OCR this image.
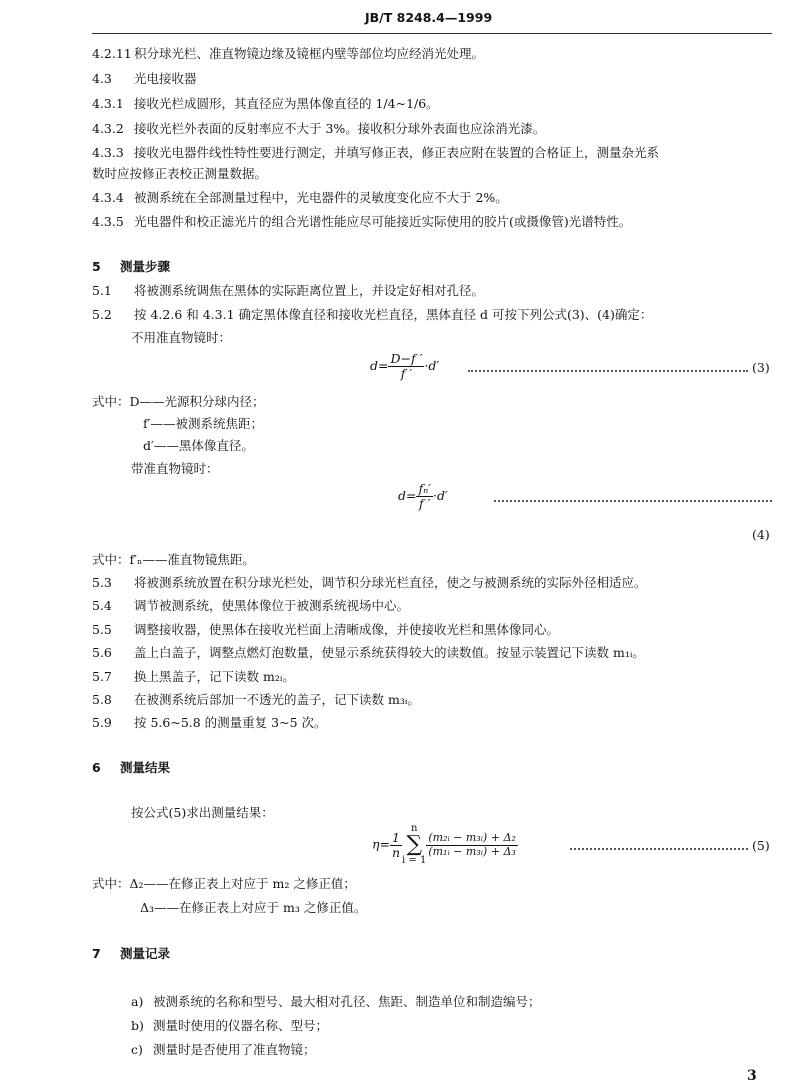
JB/T 8248.4—1999
4.2.11 积分球光栏、准直物镜边缘及镜框内壁等部位均应经消光处理。
4.3 光电接收器
4.3.1 接收光栏成圆形，其直径应为黑体像直径的 1/4~1/6。
4.3.2 接收光栏外表面的反射率应不大于 3%。接收积分球外表面也应涂消光漆。
4.3.3 接收光电器件线性特性要进行测定，并填写修正表，修正表应附在装置的合格证上，测量杂光系
数时应按修正表校正测量数据。
4.3.4 被测系统在全部测量过程中，光电器件的灵敏度变化应不大于 2%。
4.3.5 光电器件和校正滤光片的组合光谱性能应尽可能接近实际使用的胶片(或摄像管)光谱特性。
5 测量步骤
5.1 将被测系统调焦在黑体的实际距离位置上，并设定好相对孔径。
5.2 按 4.2.6 和 4.3.1 确定黑体像直径和接收光栏直径，黑体直径 d 可按下列公式(3)、(4)确定：
不用准直物镜时：
$d= \frac{D-f '}{f '} \cdot d'$	(3)
式中：D——光源积分球内径；
f′——被测系统焦距；
d′——黑体像直径。
带准直物镜时：
$d= \frac{\text{fₙ′}}{f '} \cdot d'$
(4)
式中：f′ₙ——准直物镜焦距。
5.3 将被测系统放置在积分球光栏处，调节积分球光栏直径，使之与被测系统的实际外径相适应。
5.4 调节被测系统，使黑体像位于被测系统视场中心。
5.5 调整接收器，使黑体在接收光栏面上清晰成像，并使接收光栏和黑体像同心。
5.6 盖上白盖子，调整点燃灯泡数量，使显示系统获得较大的读数值。按显示装置记下读数 m₁ᵢ。
5.7 换上黑盖子，记下读数 m₂ᵢ。
5.8 在被测系统后部加一不透光的盖子，记下读数 m₃ᵢ。
5.9 按 5.6~5.8 的测量重复 3~5 次。
6 测量结果
按公式(5)求出测量结果：
$\eta= \frac{1}{n}$
n
∑
i = 1
$\frac{\text{(m₂ᵢ − m₃ᵢ) + Δ₂}}{\text{(m₁ᵢ − m₃ᵢ) + Δ₃}}$	(5)
式中：Δ₂——在修正表上对应于 m₂ 之修正值；
Δ₃——在修正表上对应于 m₃ 之修正值。
7 测量记录
a) 被测系统的名称和型号、最大相对孔径、焦距、制造单位和制造编号；
b) 测量时使用的仪器名称、型号；
c) 测量时是否使用了准直物镜；
3
